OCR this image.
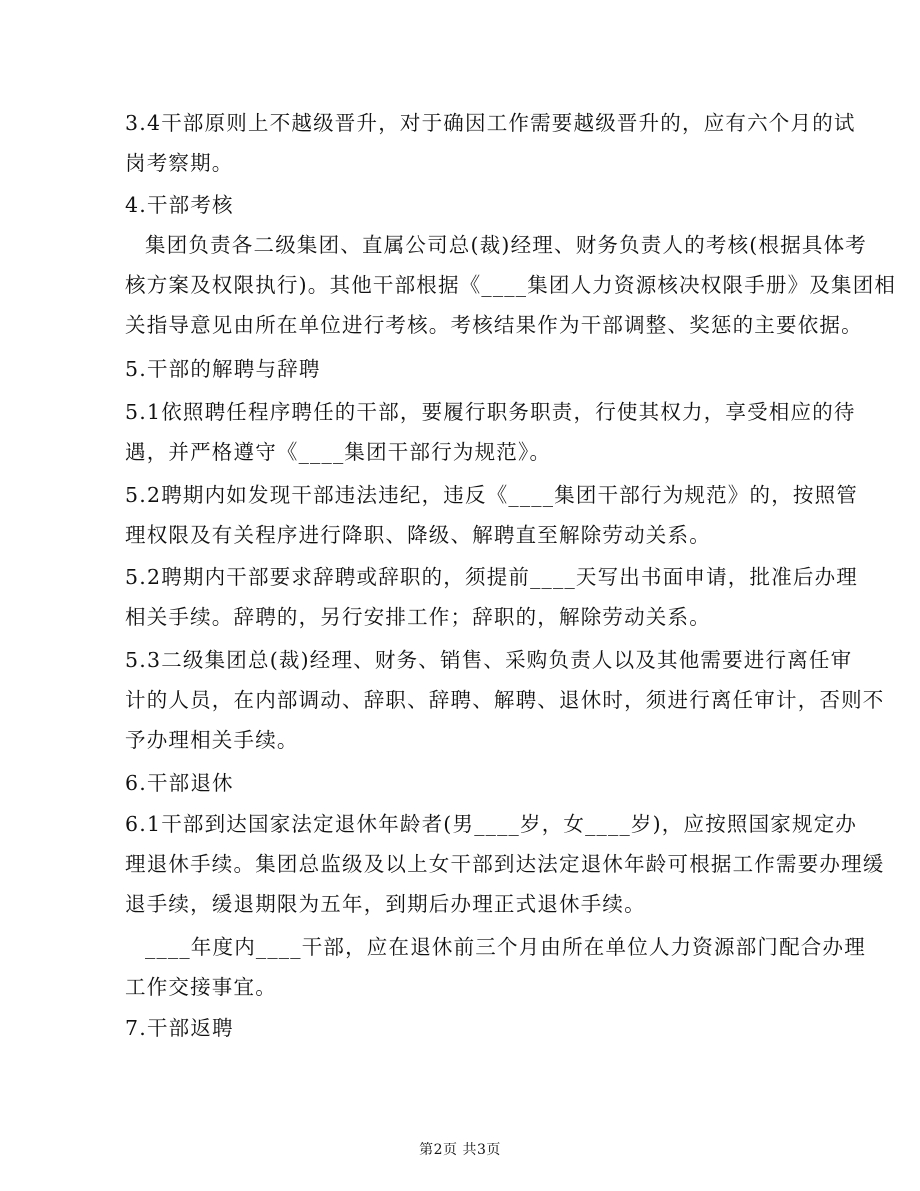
3.4干部原则上不越级晋升，对于确因工作需要越级晋升的，应有六个月的试
岗考察期。
4.干部考核
集团负责各二级集团、直属公司总(裁)经理、财务负责人的考核(根据具体考
核方案及权限执行)。其他干部根据《____集团人力资源核决权限手册》及集团相
关指导意见由所在单位进行考核。考核结果作为干部调整、奖惩的主要依据。
5.干部的解聘与辞聘
5.1依照聘任程序聘任的干部，要履行职务职责，行使其权力，享受相应的待
遇，并严格遵守《____集团干部行为规范》。
5.2聘期内如发现干部违法违纪，违反《____集团干部行为规范》的，按照管
理权限及有关程序进行降职、降级、解聘直至解除劳动关系。
5.2聘期内干部要求辞聘或辞职的，须提前____天写出书面申请，批准后办理
相关手续。辞聘的，另行安排工作；辞职的，解除劳动关系。
5.3二级集团总(裁)经理、财务、销售、采购负责人以及其他需要进行离任审
计的人员，在内部调动、辞职、辞聘、解聘、退休时，须进行离任审计，否则不
予办理相关手续。
6.干部退休
6.1干部到达国家法定退休年龄者(男____岁，女____岁)，应按照国家规定办
理退休手续。集团总监级及以上女干部到达法定退休年龄可根据工作需要办理缓
退手续，缓退期限为五年，到期后办理正式退休手续。
____年度内____干部，应在退休前三个月由所在单位人力资源部门配合办理
工作交接事宜。
7.干部返聘
第2页 共3页
